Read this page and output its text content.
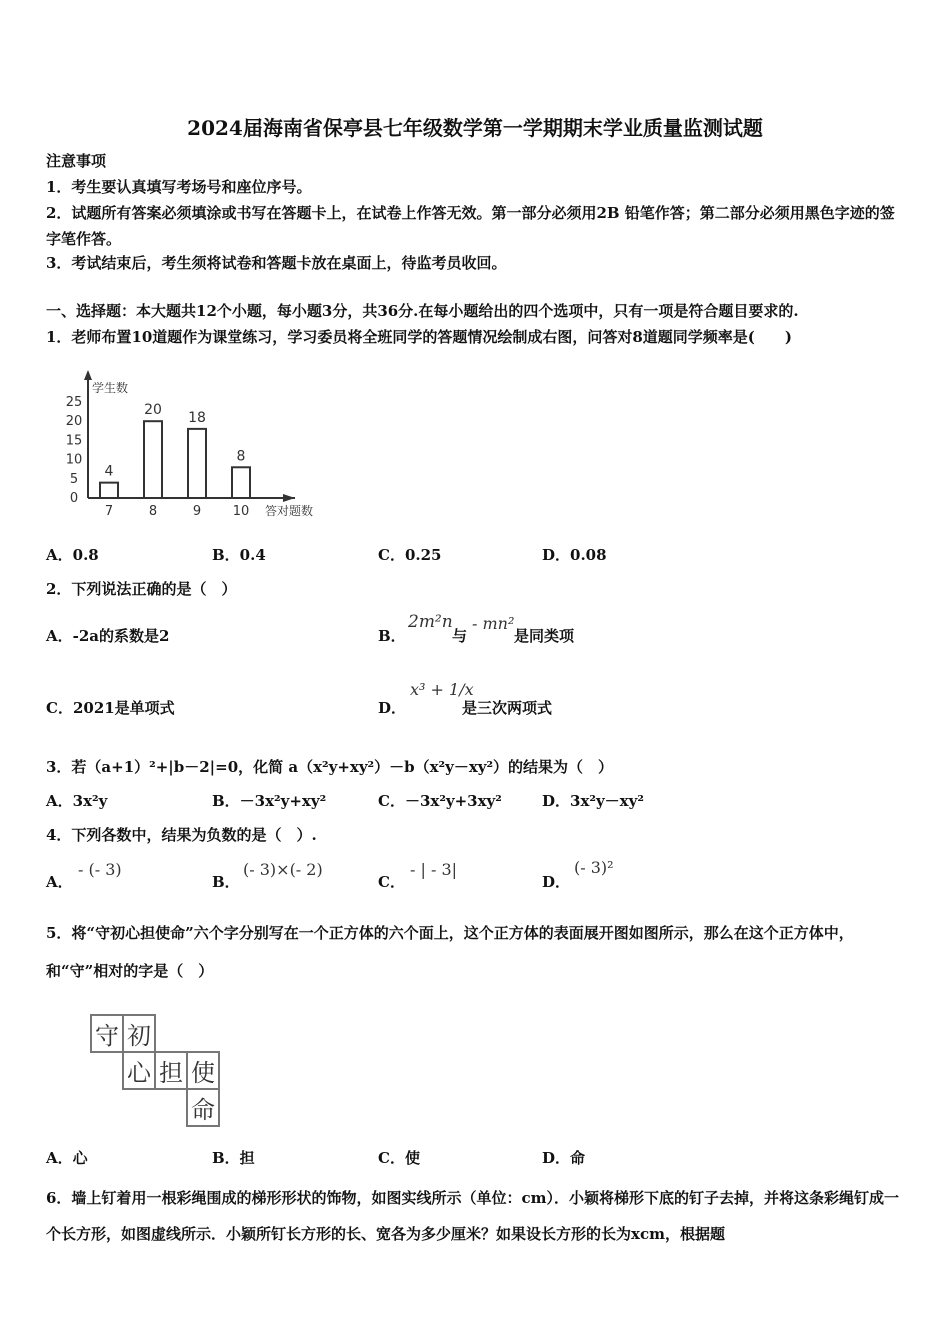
2024届海南省保亭县七年级数学第一学期期末学业质量监测试题
注意事项
1．考生要认真填写考场号和座位序号。
2．试题所有答案必须填涂或书写在答题卡上，在试卷上作答无效。第一部分必须用2B 铅笔作答；第二部分必须用黑色字迹的签字笔作答。
3．考试结束后，考生须将试卷和答题卡放在桌面上，待监考员收回。
一、选择题：本大题共12个小题，每小题3分，共36分.在每小题给出的四个选项中，只有一项是符合题目要求的.
1．老师布置10道题作为课堂练习，学习委员将全班同学的答题情况绘制成右图，问答对8道题同学频率是(　　)
学生数
0
5
10
15
20
25
4
7
20
8
18
9
8
10 答对题数
A．0.8	B．0.4	C．0.25	D．0.08
2．下列说法正确的是（　）
A．-2a的系数是2	B．
2m²n
与
- mn²
是同类项
C．2021是单项式	D．
x³ + 1/x
是三次两项式
3．若（a+1）²+|b－2|=0，化简 a（x²y+xy²）－b（x²y－xy²）的结果为（　）
A．3x²y	B．－3x²y+xy²	C．－3x²y+3xy²	D．3x²y－xy²
4．下列各数中，结果为负数的是（　）.
A．
- (- 3)
B．
(- 3)×(- 2)
C．
- | - 3|
D．
(- 3)²
5．将“守初心担使命”六个字分别写在一个正方体的六个面上，这个正方体的表面展开图如图所示，那么在这个正方体中，和“守”相对的字是（　）
守	初		
	心	担	使
			命
A．心	B．担	C．使	D．命
6．墙上钉着用一根彩绳围成的梯形形状的饰物，如图实线所示（单位：cm）．小颖将梯形下底的钉子去掉，并将这条彩绳钉成一个长方形，如图虚线所示．小颖所钉长方形的长、宽各为多少厘米？如果设长方形的长为xcm，根据题
